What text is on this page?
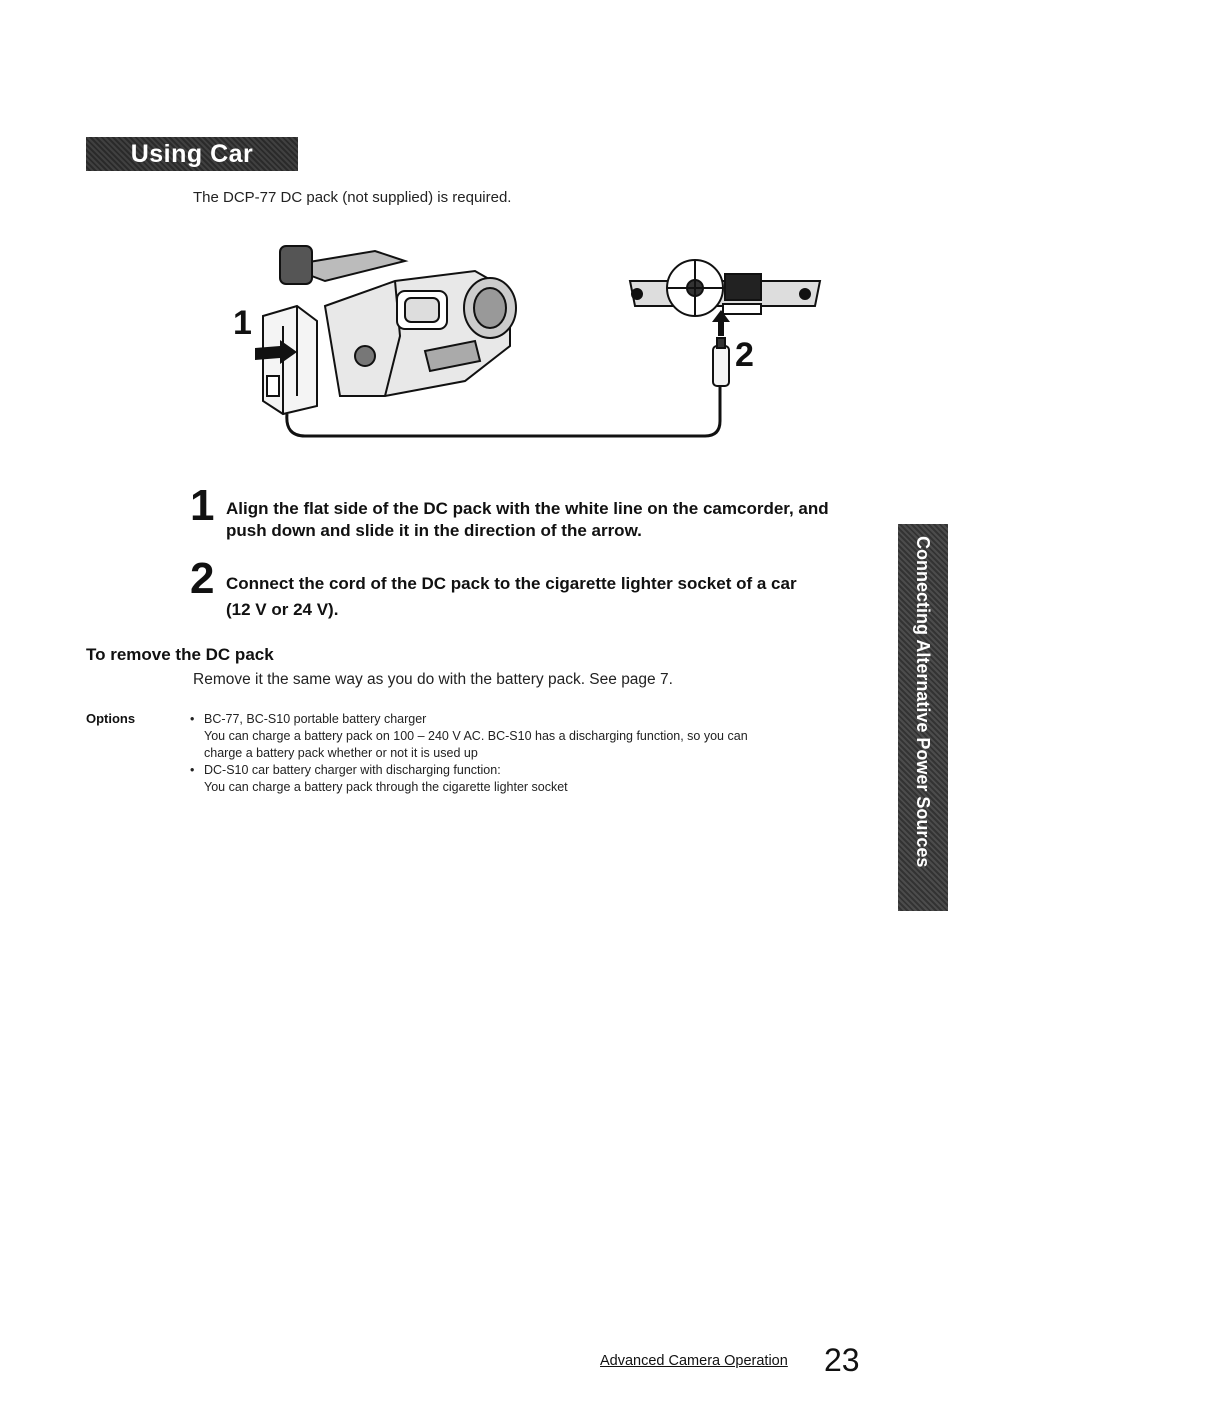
Using Car Battery
The DCP-77 DC pack (not supplied) is required.
1
2
1 Align the flat side of the DC pack with the white line on the camcorder, and
push down and slide it in the direction of the arrow.
2 Connect the cord of the DC pack to the cigarette lighter socket of a car
(12 V or 24 V).
To remove the DC pack
Remove it the same way as you do with the battery pack. See page 7.
Options
•	BC-77, BC-S10 portable battery charger
You can charge a battery pack on 100 – 240 V AC. BC-S10 has a discharging function, so you can
charge a battery pack whether or not it is used up
• DC-S10 car battery charger with discharging function:
You can charge a battery pack through the cigarette lighter socket	Connecting Alternative Power Sources
Advanced Camera Operation 23
